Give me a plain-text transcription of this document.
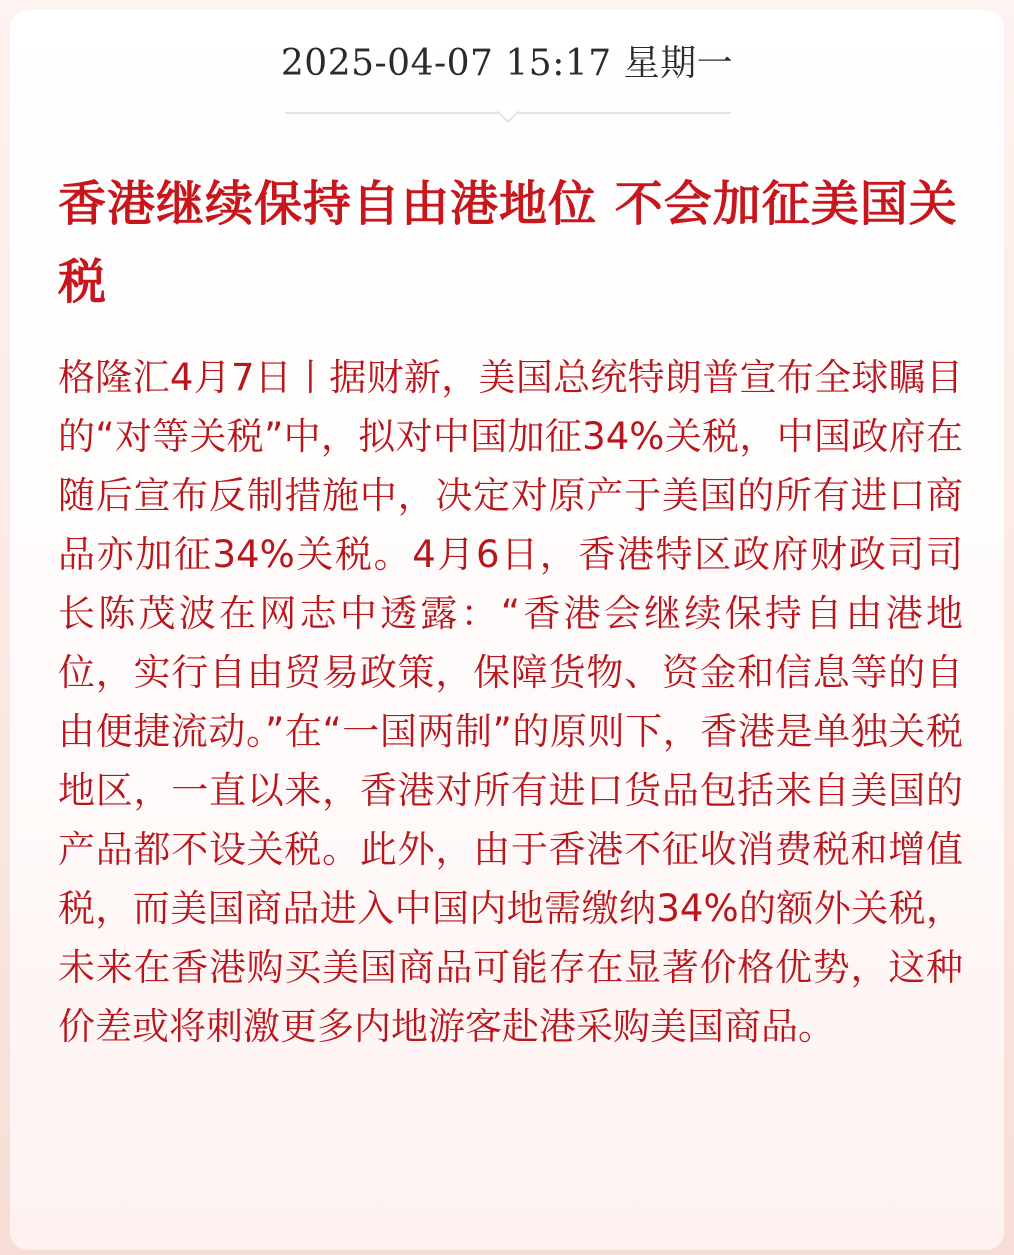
2025-04-07 15:17 星期一
香港继续保持自由港地位 不会加征美国关税

格隆汇4月7日丨据财新，美国总统特朗普宣布全球瞩目的“对等关税”中，拟对中国加征34%关税，中国政府在随后宣布反制措施中，决定对原产于美国的所有进口商品亦加征34%关税。4月6日，香港特区政府财政司司长陈茂波在网志中透露：“香港会继续保持自由港地位，实行自由贸易政策，保障货物、资金和信息等的自由便捷流动。”在“一国两制”的原则下，香港是单独关税地区，一直以来，香港对所有进口货品包括来自美国的产品都不设关税。此外，由于香港不征收消费税和增值税，而美国商品进入中国内地需缴纳34%的额外关税，未来在香港购买美国商品可能存在显著价格优势，这种价差或将刺激更多内地游客赴港采购美国商品。
